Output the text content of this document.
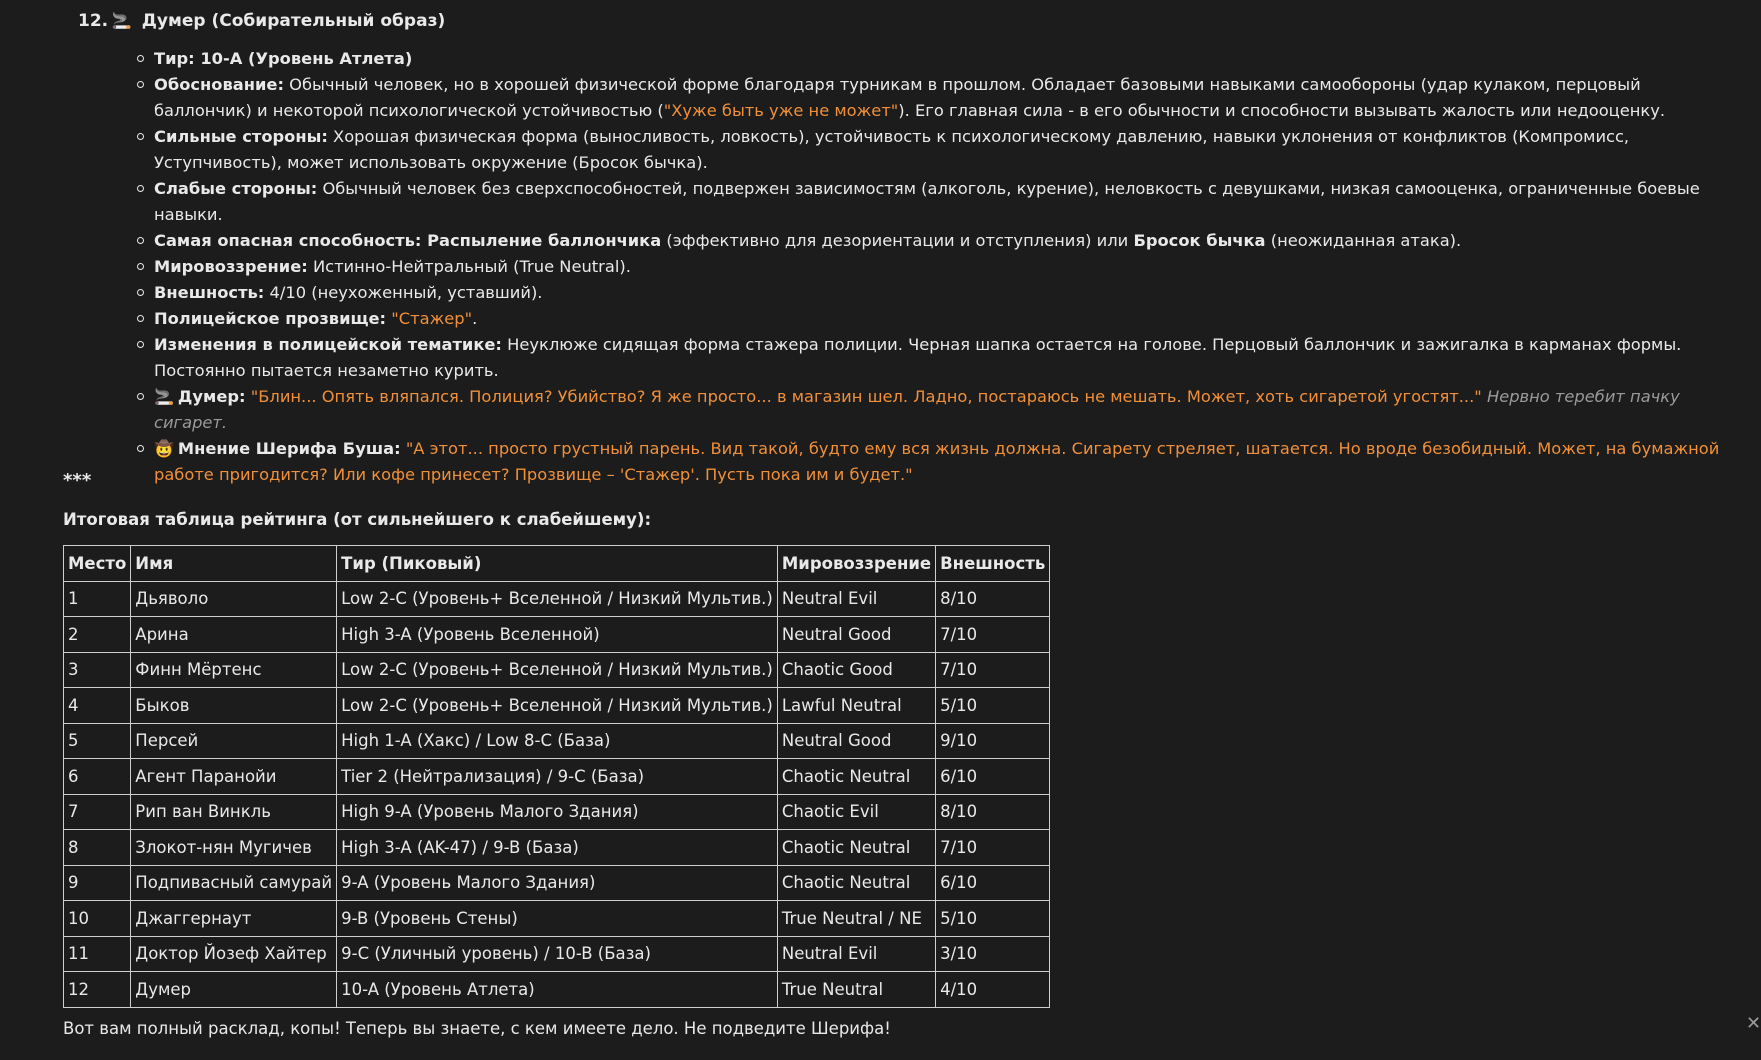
12. 🚬 Думер (Собирательный образ)
Тир: 10-A (Уровень Атлета)
Обоснование: Обычный человек, но в хорошей физической форме благодаря турникам в прошлом. Обладает базовыми навыками самообороны (удар кулаком, перцовый баллончик) и некоторой психологической устойчивостью ("Хуже быть уже не может"). Его главная сила - в его обычности и способности вызывать жалость или недооценку.
Сильные стороны: Хорошая физическая форма (выносливость, ловкость), устойчивость к психологическому давлению, навыки уклонения от конфликтов (Компромисс, Уступчивость), может использовать окружение (Бросок бычка).
Слабые стороны: Обычный человек без сверхспособностей, подвержен зависимостям (алкоголь, курение), неловкость с девушками, низкая самооценка, ограниченные боевые навыки.
Самая опасная способность: Распыление баллончика (эффективно для дезориентации и отступления) или Бросок бычка (неожиданная атака).
Мировоззрение: Истинно-Нейтральный (True Neutral).
Внешность: 4/10 (неухоженный, уставший).
Полицейское прозвище: "Стажер".
Изменения в полицейской тематике: Неуклюже сидящая форма стажера полиции. Черная шапка остается на голове. Перцовый баллончик и зажигалка в карманах формы. Постоянно пытается незаметно курить.
🚬 Думер: "Блин... Опять вляпался. Полиция? Убийство? Я же просто... в магазин шел. Ладно, постараюсь не мешать. Может, хоть сигаретой угостят..." Нервно теребит пачку сигарет.
🤠 Мнение Шерифа Буша: "А этот... просто грустный парень. Вид такой, будто ему вся жизнь должна. Сигарету стреляет, шатается. Но вроде безобидный. Может, на бумажной работе пригодится? Или кофе принесет? Прозвище – 'Стажер'. Пусть пока им и будет."
***
Итоговая таблица рейтинга (от сильнейшего к слабейшему):
Место	Имя	Тир (Пиковый)	Мировоззрение	Внешность
1	Дьяволо	Low 2-C (Уровень+ Вселенной / Низкий Мультив.)	Neutral Evil	8/10
2	Арина	High 3-A (Уровень Вселенной)	Neutral Good	7/10
3	Финн Мёртенс	Low 2-C (Уровень+ Вселенной / Низкий Мультив.)	Chaotic Good	7/10
4	Быков	Low 2-C (Уровень+ Вселенной / Низкий Мультив.)	Lawful Neutral	5/10
5	Персей	High 1-A (Хакс) / Low 8-C (База)	Neutral Good	9/10
6	Агент Паранойи	Tier 2 (Нейтрализация) / 9-C (База)	Chaotic Neutral	6/10
7	Рип ван Винкль	High 9-A (Уровень Малого Здания)	Chaotic Evil	8/10
8	Злокот-нян Мугичев	High 3-A (AK-47) / 9-B (База)	Chaotic Neutral	7/10
9	Подпивасный самурай	9-A (Уровень Малого Здания)	Chaotic Neutral	6/10
10	Джаггернаут	9-B (Уровень Стены)	True Neutral / NE	5/10
11	Доктор Йозеф Хайтер	9-C (Уличный уровень) / 10-B (База)	Neutral Evil	3/10
12	Думер	10-A (Уровень Атлета)	True Neutral	4/10
Вот вам полный расклад, копы! Теперь вы знаете, с кем имеете дело. Не подведите Шерифа!	✕
